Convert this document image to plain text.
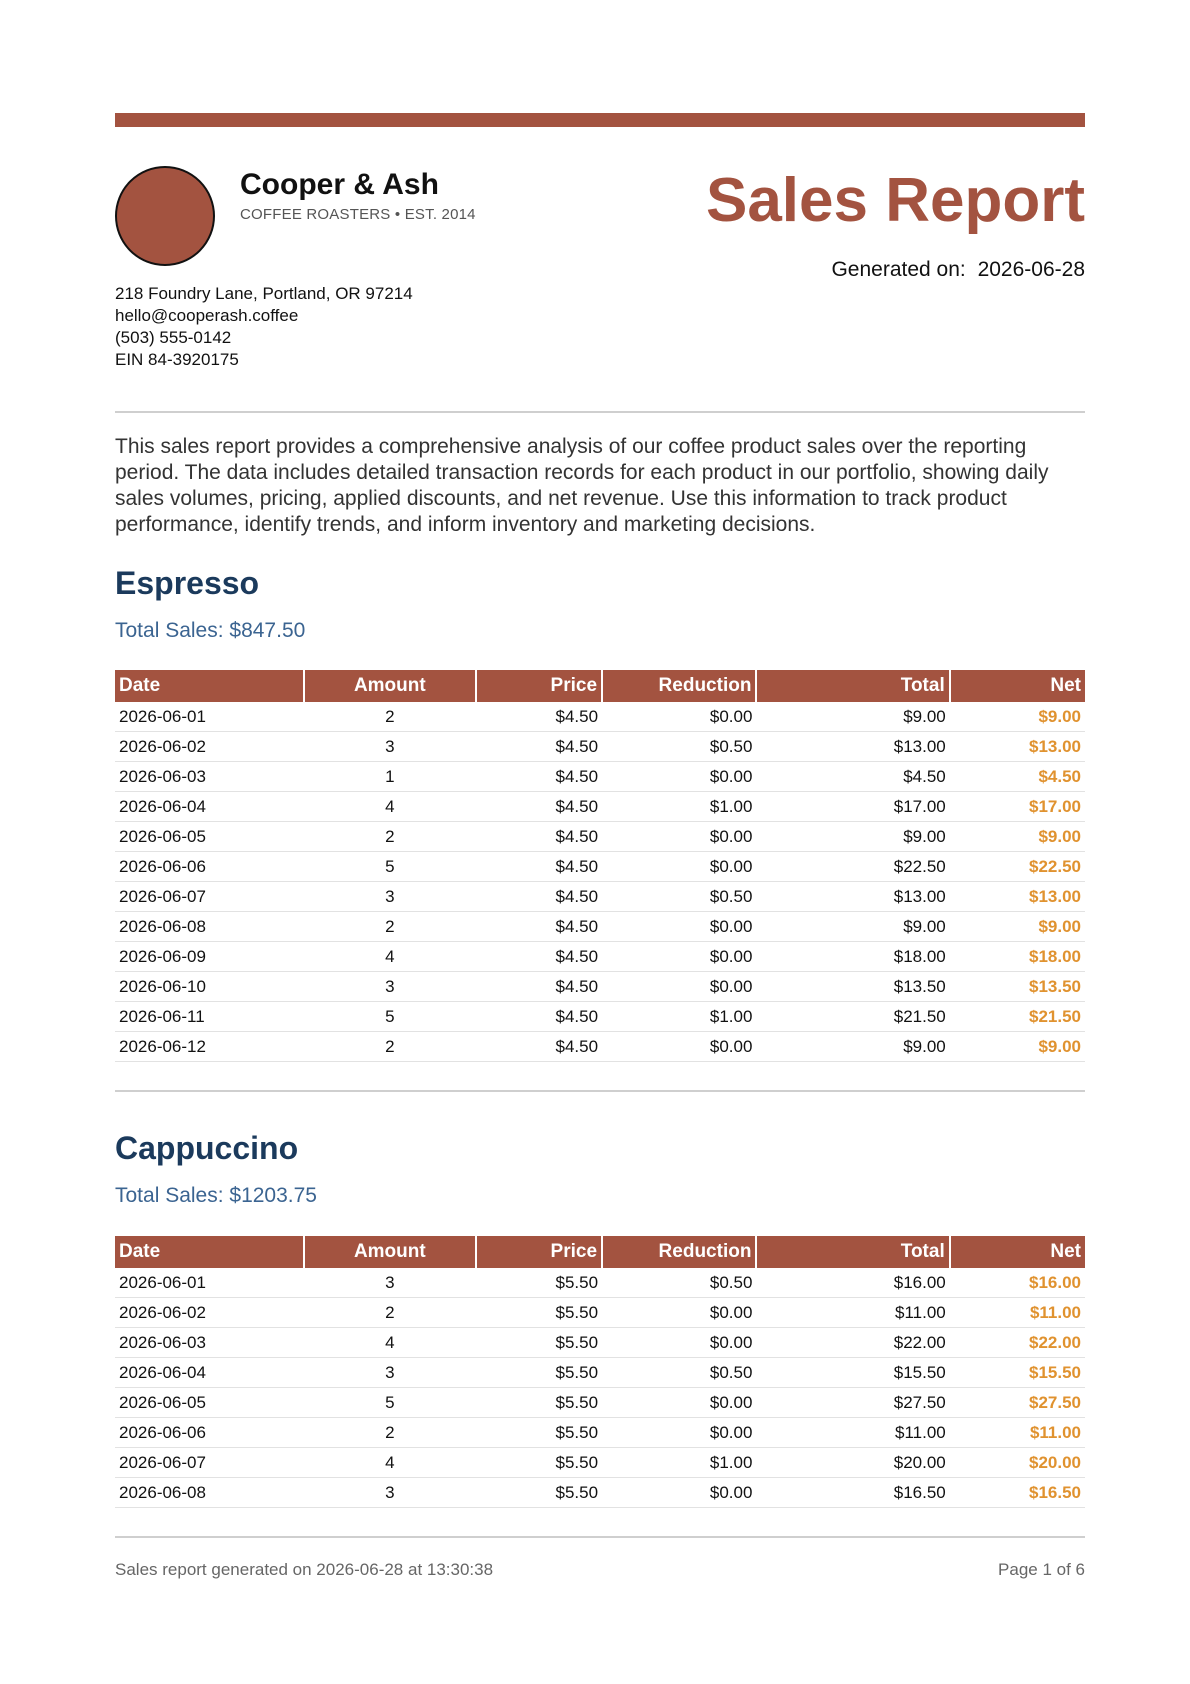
Cooper & Ash
COFFEE ROASTERS • EST. 2014	Sales Report
Generated on: 2026-06-28
218 Foundry Lane, Portland, OR 97214
hello@cooperash.coffee
(503) 555-0142
EIN 84-3920175
This sales report provides a comprehensive analysis of our coffee product sales over the reporting period. The data includes detailed transaction records for each product in our portfolio, showing daily sales volumes, pricing, applied discounts, and net revenue. Use this information to track product performance, identify trends, and inform inventory and marketing decisions.
Espresso
Total Sales: $847.50
Date	Amount	Price	Reduction	Total	Net
2026-06-01	2	$4.50	$0.00	$9.00	$9.00
2026-06-02	3	$4.50	$0.50	$13.00	$13.00
2026-06-03	1	$4.50	$0.00	$4.50	$4.50
2026-06-04	4	$4.50	$1.00	$17.00	$17.00
2026-06-05	2	$4.50	$0.00	$9.00	$9.00
2026-06-06	5	$4.50	$0.00	$22.50	$22.50
2026-06-07	3	$4.50	$0.50	$13.00	$13.00
2026-06-08	2	$4.50	$0.00	$9.00	$9.00
2026-06-09	4	$4.50	$0.00	$18.00	$18.00
2026-06-10	3	$4.50	$0.00	$13.50	$13.50
2026-06-11	5	$4.50	$1.00	$21.50	$21.50
2026-06-12	2	$4.50	$0.00	$9.00	$9.00
Cappuccino
Total Sales: $1203.75
Date	Amount	Price	Reduction	Total	Net
2026-06-01	3	$5.50	$0.50	$16.00	$16.00
2026-06-02	2	$5.50	$0.00	$11.00	$11.00
2026-06-03	4	$5.50	$0.00	$22.00	$22.00
2026-06-04	3	$5.50	$0.50	$15.50	$15.50
2026-06-05	5	$5.50	$0.00	$27.50	$27.50
2026-06-06	2	$5.50	$0.00	$11.00	$11.00
2026-06-07	4	$5.50	$1.00	$20.00	$20.00
2026-06-08	3	$5.50	$0.00	$16.50	$16.50
Sales report generated on 2026-06-28 at 13:30:38	Page 1 of 6
